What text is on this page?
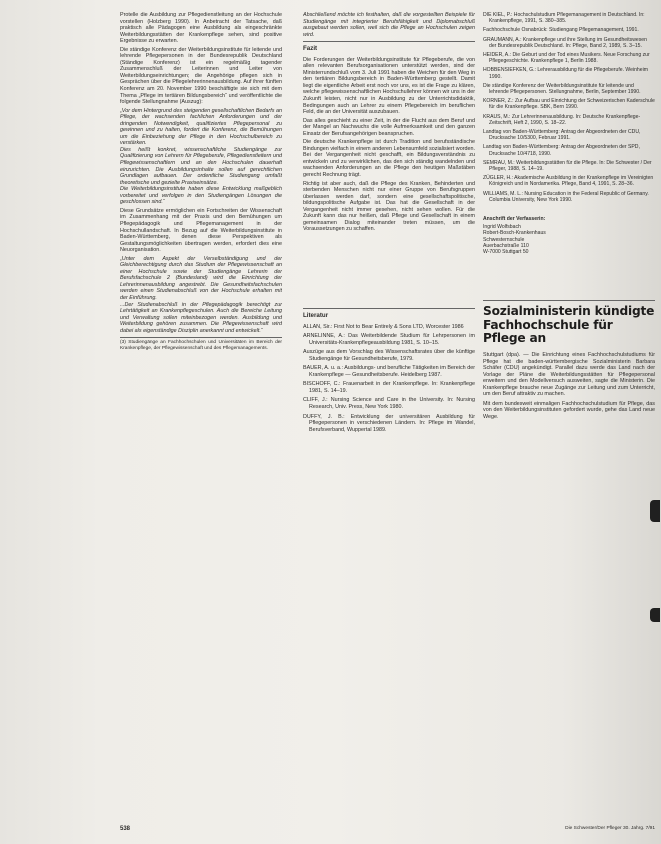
Protelle die Ausbildung zur Pflegedienstleitung an der Hochschule vorstellen (Holzberg 1990). In Anbetracht der Tatsache, daß praktisch alle Pädagogen eine Ausbildung als eingeschränkte Weiterbildungsstätten der Krankenpflege sehen, sind positive Ergebnisse zu erwarten.

Die ständige Konferenz der Weiterbildungsinstitute für leitende und lehrende Pflegepersonen in der Bundesrepublik Deutschland (Ständige Konferenz) ist ein regelmäßig tagender Zusammenschluß der Leiterinnen und Leiter von Weiterbildungseinrichtungen; die Angehörige pflegen sich in Gesprächen über die Pflegelehrerinnenausbildung. Auf ihrer fünften Konferenz am 20. November 1990 beschäftigte sie sich mit dem Thema „Pflege im tertiären Bildungsbereich“ und veröffentlichte die folgende Stellungnahme (Auszug):

„Vor dem Hintergrund des steigenden gesellschaftlichen Bedarfs an Pflege, der wachsenden fachlichen Anforderungen und der dringenden Notwendigkeit, qualifiziertes Pflegepersonal zu gewinnen und zu halten, fordert die Konferenz, die Bemühungen um die Einbeziehung der Pflege in den Hochschulbereich zu verstärken.
Dies heißt konkret, wissenschaftliche Studiengänge zur Qualifizierung von Lehrern für Pflegeberufe, Pflegedienstleitern und Pflegewissenschaftlern und an den Hochschulen dauerhaft einzurichten. Die Ausbildungsinhalte sollen auf gerechtlichen Grundlagen aufbauen. Der ordentliche Studiengang umfaßt theoretische und gezielte Praxiseinsätze.
Die Weiterbildungsinstitute haben diese Entwicklung maßgeblich vorbereitet und verfolgen in den Studiengängen Lösungen die geschlossen sind.“

Diese Grundsätze ermöglichen ein Fortschreiten der Wissenschaft im Zusammenhang mit der Praxis und den Bemühungen um Pflegepädagogik und Pflegemanagement in der Hochschullandschaft. In Bezug auf die Weiterbildungsinstitute in Baden-Württemberg, denen diese Perspektiven als Gestaltungsmöglichkeiten übertragen werden, erfordert dies eine Neuorganisation.

„Unter dem Aspekt der Verselbständigung und der Gleichberechtigung durch das Studium der Pflegewissenschaft an einer Hochschule sowie der Studiengänge Lehrerin der Berufsfachschule 2 (Bundesland) wird die Einrichtung der Lehrerinnenausbildung angestrebt. Die Gesundheitsfachschulen werden einen Studienabschluß von der Hochschule erhalten mit der Einführung.
...Der Studienabschluß in der Pflegepädagogik berechtigt zur Lehrtätigkeit an Krankenpflegeschulen. Auch die Bereiche Leitung und Verwaltung sollen miteinbezogen werden. Ausbildung und Weiterbildung gehören zusammen. Die Pflegewissenschaft wird dabei als eigenständige Disziplin anerkannt und entwickelt.“

(3) Studiengänge an Fachhochschulen und Universitäten im Bereich der Krankenpflege, der Pflegewissenschaft und des Pflegemanagements.

Abschließend möchte ich festhalten, daß die vorgestellten Beispiele für Studiengänge mit integrierter Berufsfähigkeit und Diplomabschluß ausgebaut werden sollen, weil sich die Pflege an Hochschulen zeigen wird.

Fazit

Die Forderungen der Weiterbildungsinstitute für Pflegeberufe, die von allen relevanten Berufsorganisationen unterstützt werden, sind der Ministerrundschluß vom 3. Juli 1991 haben die Weichen für den Weg in den tertiären Bildungsbereich in Baden-Württemberg gestellt. Damit liegt die eigentliche Arbeit erst noch vor uns, es ist die Frage zu klären, welche pflegewissenschaftlichen Hochschullehrer können wir uns in der Zukunft leisten, nicht nur in Ausbildung zu der Unterrichtsdidaktik, Bedingungen auch an Lehrer zu einem Pflegebereich im beruflichen Feld, die an der Universität auszubauen.

Das alles geschieht zu einer Zeit, in der die Flucht aus dem Beruf und der Mangel an Nachwuchs die volle Aufmerksamkeit und den ganzen Einsatz der Berufsangehörigen beanspruchen.

Die deutsche Krankenpflege ist durch Tradition und berufsständische Bindungen vielfach in einem anderen Lebensumfeld sozialisiert worden. Bei der Vergangenheit nicht geschafft, ein Bildungsverständnis zu entwickeln und zu verwirklichen, das den sich ständig wandelnden und wachsenden Anforderungen an die Pflege den heutigen Maßstäben gerecht Rechnung trägt.

Richtig ist aber auch, daß die Pflege des Kranken, Behinderten und sterbenden Menschen nicht nur einer Gruppe von Berufsgruppen überlassen werden darf, sondern eine gesellschaftspolitische, bildungspolitische Aufgabe ist. Das hat die Gesellschaft in der Vergangenheit nicht immer gesehen, nicht sehen wollen. Für die Zukunft kann das nur heißen, daß Pflege und Gesellschaft in einem gemeinsamen Dialog miteinander treten müssen, um die Voraussetzungen zu schaffen.

Literatur

ALLAN, Sir.: First Not to Bear Entirely & Sons LTD, Worcester 1986

ARNELINNE, A.: Das Weiterbildende Studium für Lehrpersonen im Universitäts-Krankenpflegeausbildung 1981, S. 10–15.

Auszüge aus dem Vorschlag des Wissenschaftsrates über die künftige Studiengänge für Gesundheitsberufe, 1979.

BAUER, A. u. a.: Ausbildungs- und berufliche Tätigkeiten im Bereich der Krankenpflege — Gesundheitsberufe. Heidelberg 1987.

BISCHOFF, C.: Frauenarbeit in der Krankenpflege. In: Krankenpflege 1981, S. 14–19.

CLIFF, J.: Nursing Science and Care in the University. In: Nursing Research, Univ. Press, New York 1980.

DUFFY, J. B.: Entwicklung der universitären Ausbildung für Pflegepersonen in verschiedenen Ländern. In: Pflege im Wandel, Berufsverband, Wuppertal 1989.

DIE KIEL, P.: Hochschulstudium Pflegemanagement in Deutschland. In: Krankenpflege, 1991, S. 380–385.

Fachhochschule Osnabrück: Studiengang Pflegemanagement, 1991.

GRAUMANN, A.: Krankenpflege und ihre Stellung im Gesundheitswesen der Bundesrepublik Deutschland. In: Pflege, Band 2, 1989, S. 3–15.

HEIDER, A.: Die Geburt und der Tod eines Musikers. Neue Forschung zur Pflegegeschichte. Krankenpflege 1, Berlin 1988.

HOBBENSIEFKEN, G.: Lehrerausbildung für die Pflegeberufe. Weinheim 1990.

Die ständige Konferenz der Weiterbildungsinstitute für leitende und lehrende Pflegepersonen. Stellungnahme, Berlin, September 1990.

KORNER, Z.: Zur Aufbau und Einrichtung der Schweizerischen Kaderschule für die Krankenpflege. SBK, Bern 1990.

KRAUS, M.: Zur Lehrerinnenausbildung. In: Deutsche Krankenpflege-Zeitschrift, Heft 2, 1990, S. 18–22.

Landtag von Baden-Württemberg: Antrag der Abgeordneten der CDU, Drucksache 10/5300, Februar 1991.

Landtag von Baden-Württemberg: Antrag der Abgeordneten der SPD, Drucksache 10/4718, 1990.

SEMRAU, M.: Weiterbildungsstätten für die Pflege. In: Die Schwester / Der Pfleger, 1988, S. 14–19.

ZÜGLER, H.: Akademische Ausbildung in der Krankenpflege im Vereinigten Königreich und in Nordamerika. Pflege, Band 4, 1991, S. 28–36.

WILLIAMS, M. L.: Nursing Education in the Federal Republic of Germany. Columbia University, New York 1990.

Anschrift der Verfasserin:
Ingrid Wolfsbach
Robert-Bosch-Krankenhaus
Schwesternschule
Auerbachstraße 110
W-7000 Stuttgart 50
Sozialministerin kündigte Fachhochschule für Pflege an

Stuttgart (dpa). — Die Einrichtung eines Fachhochschulstudiums für Pflege hat die baden-württembergische Sozialministerin Barbara Schäfer (CDU) angekündigt. Parallel dazu werde das Land nach der Vorlage der Pläne die Weiterbildungsstätten für Pflegepersonal erweitern und den Modellversuch ausweiten, sagte die Ministerin. Die Krankenpflege brauche neue Zugänge zur Leitung und zum Unterricht, um den Beruf attraktiv zu machen.

Mit dem bundesweit einmaligen Fachhochschulstudium für Pflege, das von den Weiterbildungsinstituten gefordert wurde, gehe das Land neue Wege.

538	Die Schwester/Der Pfleger 30. Jahrg. 7/91
